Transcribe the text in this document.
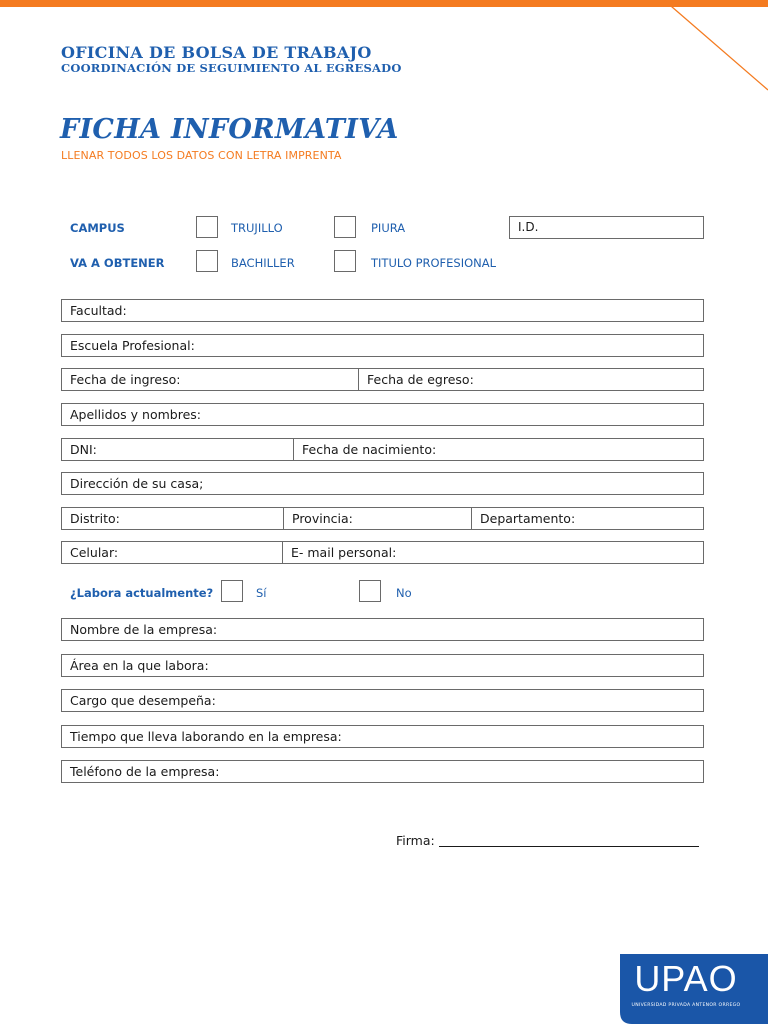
OFICINA DE BOLSA DE TRABAJO
COORDINACIÓN DE SEGUIMIENTO AL EGRESADO
FICHA INFORMATIVA
LLENAR TODOS LOS DATOS CON LETRA IMPRENTA
CAMPUS	TRUJILLO	PIURA	I.D.
VA A OBTENER	BACHILLER	TITULO PROFESIONAL
Facultad:
Escuela Profesional:
Fecha de ingreso:	Fecha de egreso:
Apellidos y nombres:
DNI:	Fecha de nacimiento:
Dirección de su casa;
Distrito:	Provincia:	Departamento:
Celular:	E- mail personal:
¿Labora actualmente?	Sí	No
Nombre de la empresa:
Área en la que labora:
Cargo que desempeña:
Tiempo que lleva laborando en la empresa:
Teléfono de la empresa:
Firma:
UPAO
UNIVERSIDAD PRIVADA ANTENOR ORREGO
